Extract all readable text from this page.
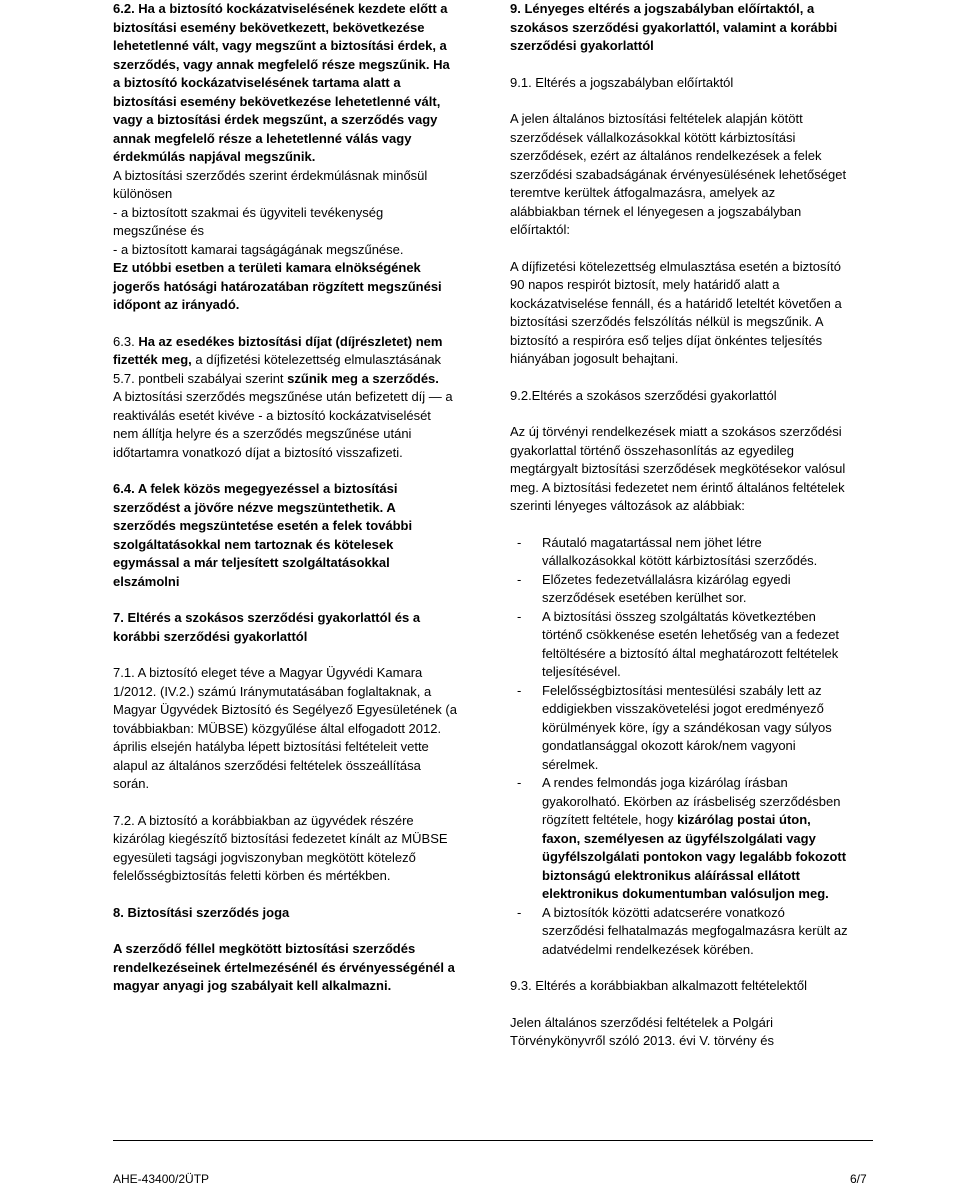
6.2. Ha a biztosító kockázatviselésének kezdete előtt a biztosítási esemény bekövetkezett, bekövetkezése lehetetlenné vált, vagy megszűnt a biztosítási érdek, a szerződés, vagy annak megfelelő része megszűnik. Ha a biztosító kockázatviselésének tartama alatt a biztosítási esemény bekövetkezése lehetetlenné vált, vagy a biztosítási érdek megszűnt, a szerződés vagy annak megfelelő része a lehetetlenné válás vagy érdekmúlás napjával megszűnik.

A biztosítási szerződés szerint érdekmúlásnak minősül különösen

- a biztosított szakmai és ügyviteli tevékenység megszűnése és

- a biztosított kamarai tagságágának megszűnése.

Ez utóbbi esetben a területi kamara elnökségének jogerős hatósági határozatában rögzített megszűnési időpont az irányadó.

6.3. Ha az esedékes biztosítási díjat (díjrészletet) nem fizették meg, a díjfizetési kötelezettség elmulasztásának 5.7. pontbeli szabályai szerint szűnik meg a szerződés.

A biztosítási szerződés megszűnése után befizetett díj — a reaktiválás esetét kivéve - a biztosító kockázatviselését nem állítja helyre és a szerződés megszűnése utáni időtartamra vonatkozó díjat a biztosító visszafizeti.

6.4. A felek közös megegyezéssel a biztosítási szerződést a jövőre nézve megszüntethetik. A szerződés megszüntetése esetén a felek további szolgáltatásokkal nem tartoznak és kötelesek egymással a már teljesített szolgáltatásokkal elszámolni

7. Eltérés a szokásos szerződési gyakorlattól és a korábbi szerződési gyakorlattól

7.1. A biztosító eleget téve a Magyar Ügyvédi Kamara 1/2012. (IV.2.) számú Iránymutatásában foglaltaknak, a Magyar Ügyvédek Biztosító és Segélyező Egyesületének (a továbbiakban: MÜBSE) közgyűlése által elfogadott 2012. április elsején hatályba lépett biztosítási feltételeit vette alapul az általános szerződési feltételek összeállítása során.

7.2. A biztosító a korábbiakban az ügyvédek részére kizárólag kiegészítő biztosítási fedezetet kínált az MÜBSE egyesületi tagsági jogviszonyban megkötött kötelező felelősségbiztosítás feletti körben és mértékben.

8. Biztosítási szerződés joga

A szerződő féllel megkötött biztosítási szerződés rendelkezéseinek értelmezésénél és érvényességénél a magyar anyagi jog szabályait kell alkalmazni.

9. Lényeges eltérés a jogszabályban előírtaktól, a szokásos szerződési gyakorlattól, valamint a korábbi szerződési gyakorlattól

9.1. Eltérés a jogszabályban előírtaktól

A jelen általános biztosítási feltételek alapján kötött szerződések vállalkozásokkal kötött kárbiztosítási szerződések, ezért az általános rendelkezések a felek szerződési szabadságának érvényesülésének lehetőséget teremtve kerültek átfogalmazásra, amelyek az alábbiakban térnek el lényegesen a jogszabályban előírtaktól:

A díjfizetési kötelezettség elmulasztása esetén a biztosító 90 napos respirót biztosít, mely határidő alatt a kockázatviselése fennáll, és a határidő leteltét követően a biztosítási szerződés felszólítás nélkül is megszűnik. A biztosító a respiróra eső teljes díjat önkéntes teljesítés hiányában jogosult behajtani.

9.2.Eltérés a szokásos szerződési gyakorlattól

Az új törvényi rendelkezések miatt a szokásos szerződési gyakorlattal történő összehasonlítás az egyedileg megtárgyalt biztosítási szerződések megkötésekor valósul meg. A biztosítási fedezetet nem érintő általános feltételek szerinti lényeges változások az alábbiak:

- Ráutaló magatartással nem jöhet létre vállalkozásokkal kötött kárbiztosítási szerződés.
- Előzetes fedezetvállalásra kizárólag egyedi szerződések esetében kerülhet sor.
- A biztosítási összeg szolgáltatás következtében történő csökkenése esetén lehetőség van a fedezet feltöltésére a biztosító által meghatározott feltételek teljesítésével.
- Felelősségbiztosítási mentesülési szabály lett az eddigiekben visszakövetelési jogot eredményező körülmények köre, így a szándékosan vagy súlyos gondatlansággal okozott károk/nem vagyoni sérelmek.
- A rendes felmondás joga kizárólag írásban gyakorolható. Ekörben az írásbeliség szerződésben rögzített feltétele, hogy kizárólag postai úton, faxon, személyesen az ügyfélszolgálati vagy ügyfélszolgálati pontokon vagy legalább fokozott biztonságú elektronikus aláírással ellátott elektronikus dokumentumban valósuljon meg.
- A biztosítók közötti adatcserére vonatkozó szerződési felhatalmazás megfogalmazásra került az adatvédelmi rendelkezések körében.

9.3. Eltérés a korábbiakban alkalmazott feltételektől

Jelen általános szerződési feltételek a Polgári Törvénykönyvről szóló 2013. évi V. törvény és

AHE-43400/2ÜTP	6/7
